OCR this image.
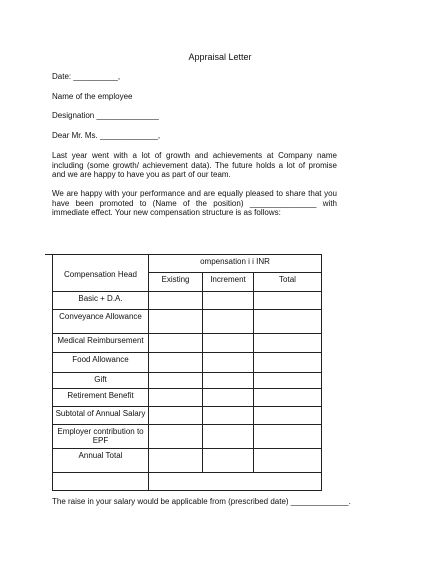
Appraisal Letter
Date: __________,
Name of the employee
Designation ______________
Dear Mr. Ms. _____________,
Last year went with a lot of growth and achievements at Company name including (some growth/ achievement data). The future holds a lot of promise and we are happy to have you as part of our team.
We are happy with your performance and are equally pleased to share that you have been promoted to (Name of the position) _______________ with immediate effect. Your new compensation structure is as follows:
Compensation Head	ompensation i i INR		
	Existing	Increment	Total
Basic + D.A.			
Conveyance Allowance			
Medical Reimbursement			
Food Allowance			
Gift			
Retirement Benefit			
Subtotal of Annual Salary			
Employer contribution to EPF			
Annual Total			

The raise in your salary would be applicable from (prescribed date) _____________.
